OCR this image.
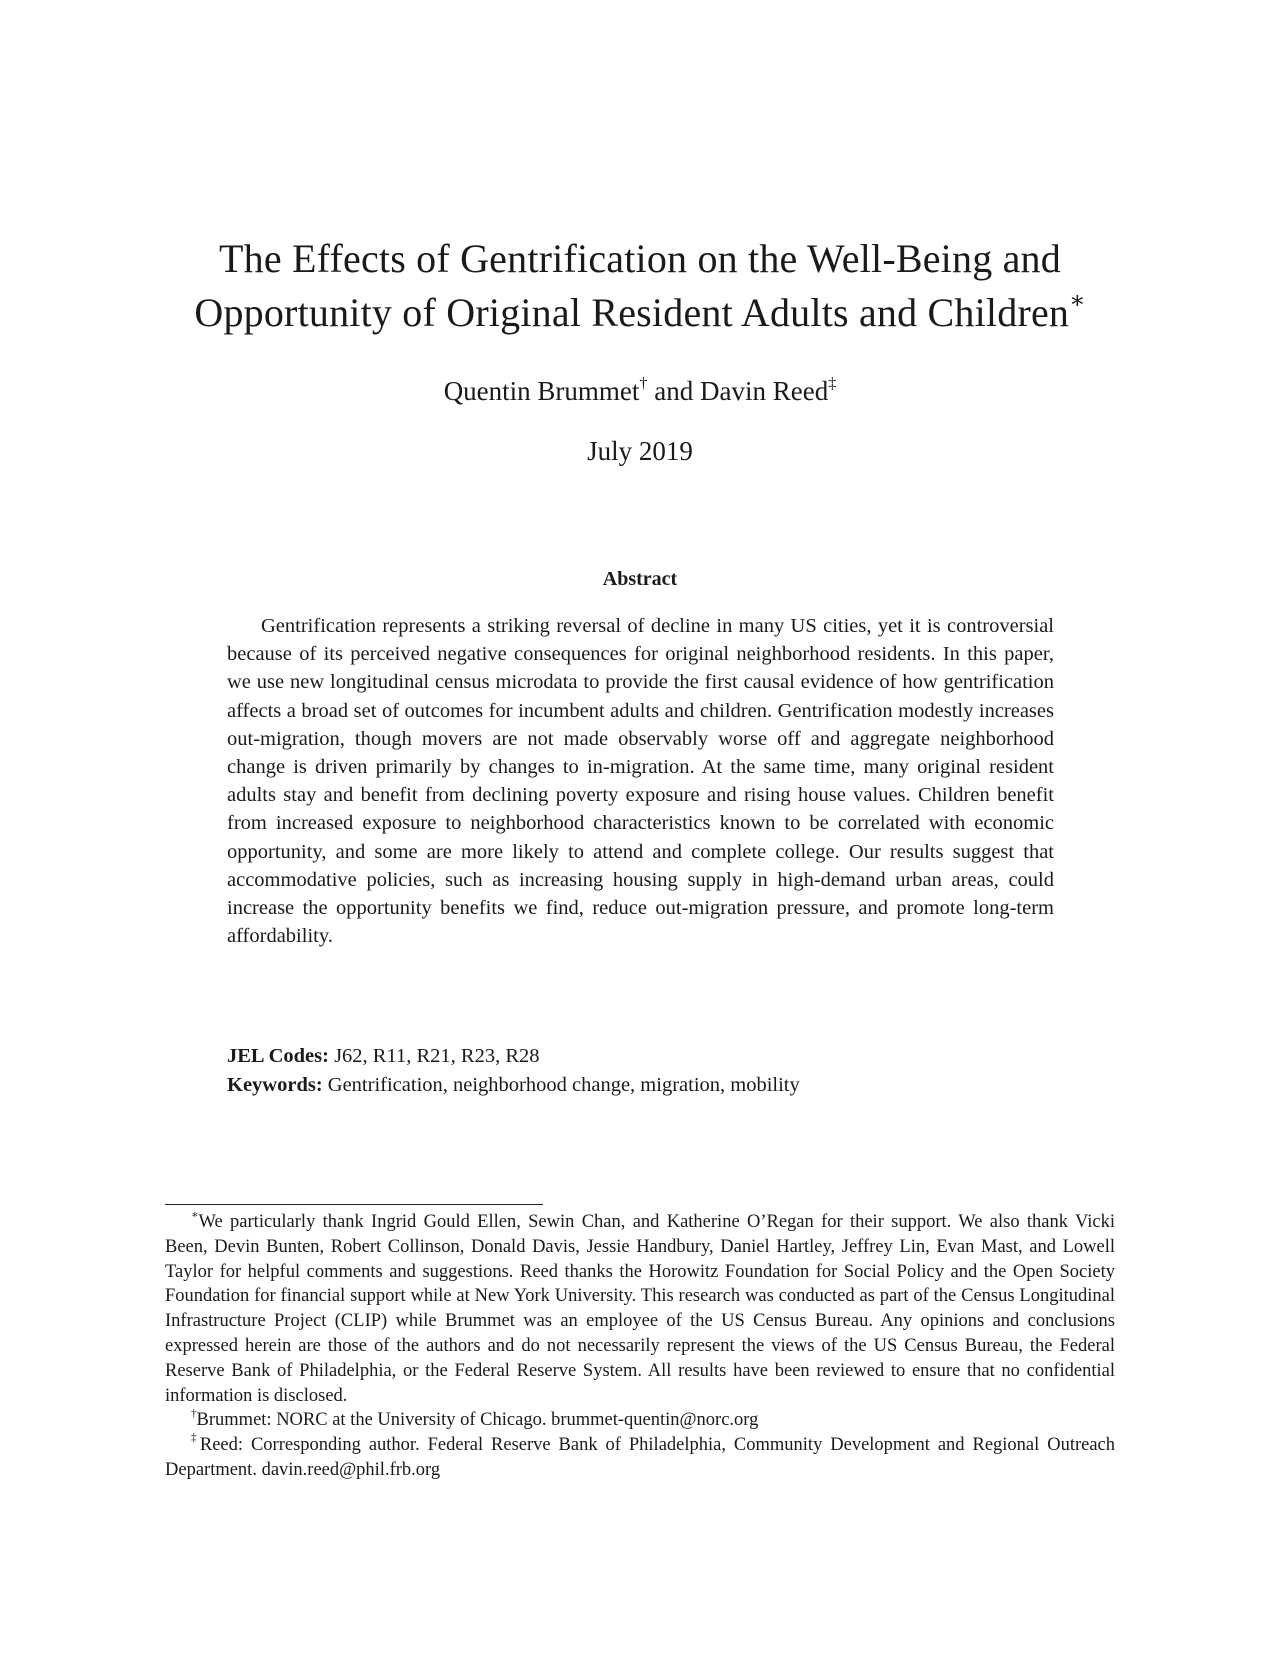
The Effects of Gentrification on the Well-Being and
Opportunity of Original Resident Adults and Children∗
Quentin Brummet† and Davin Reed‡
July 2019
Abstract

Gentrification represents a striking reversal of decline in many US cities, yet it is controversial because of its perceived negative consequences for original neighborhood residents. In this paper, we use new longitudinal census microdata to provide the first causal evidence of how gentrification affects a broad set of outcomes for incumbent adults and children. Gentrification modestly increases out-migration, though movers are not made observably worse off and aggregate neighborhood change is driven primarily by changes to in-migration. At the same time, many original resident adults stay and benefit from declining poverty exposure and rising house values. Children benefit from increased exposure to neighborhood characteristics known to be correlated with economic opportunity, and some are more likely to attend and complete college. Our results suggest that accommodative policies, such as increasing housing supply in high-demand urban areas, could increase the opportunity benefits we find, reduce out-migration pressure, and promote long-term affordability.

JEL Codes: J62, R11, R21, R23, R28
Keywords: Gentrification, neighborhood change, migration, mobility

∗We particularly thank Ingrid Gould Ellen, Sewin Chan, and Katherine O’Regan for their support. We also thank Vicki Been, Devin Bunten, Robert Collinson, Donald Davis, Jessie Handbury, Daniel Hartley, Jeffrey Lin, Evan Mast, and Lowell Taylor for helpful comments and suggestions. Reed thanks the Horowitz Foundation for Social Policy and the Open Society Foundation for financial support while at New York University. This research was conducted as part of the Census Longitudinal Infrastructure Project (CLIP) while Brummet was an employee of the US Census Bureau. Any opinions and conclusions expressed herein are those of the authors and do not necessarily represent the views of the US Census Bureau, the Federal Reserve Bank of Philadelphia, or the Federal Reserve System. All results have been reviewed to ensure that no confidential information is disclosed.

†Brummet: NORC at the University of Chicago. brummet-quentin@norc.org

‡Reed: Corresponding author. Federal Reserve Bank of Philadelphia, Community Development and Regional Outreach Department. davin.reed@phil.frb.org
